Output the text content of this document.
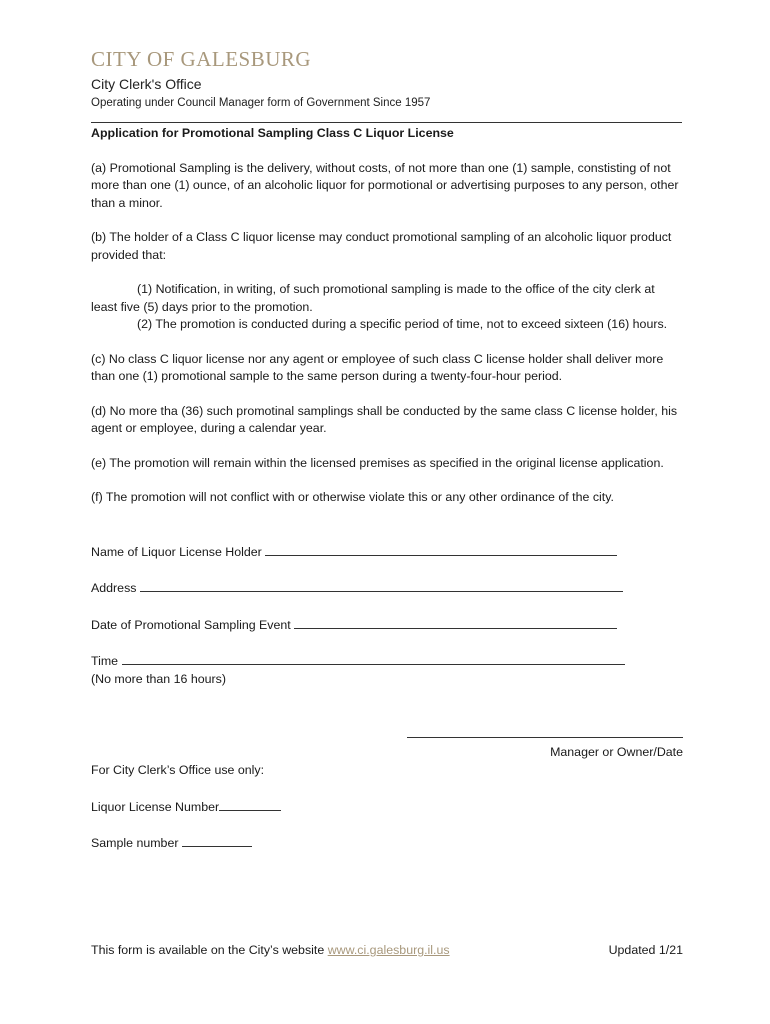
CITY OF GALESBURG
City Clerk's Office
Operating under Council Manager form of Government Since 1957
Application for Promotional Sampling Class C Liquor License

(a) Promotional Sampling is the delivery, without costs, of not more than one (1) sample, constisting of not more than one (1) ounce, of an alcoholic liquor for pormotional or advertising purposes to any person, other than a minor.

(b) The holder of a Class C liquor license may conduct promotional sampling of an alcoholic liquor product provided that:

(1) Notification, in writing, of such promotional sampling is made to the office of the city clerk at least five (5) days prior to the promotion.
(2) The promotion is conducted during a specific period of time, not to exceed sixteen (16) hours.

(c) No class C liquor license nor any agent or employee of such class C license holder shall deliver more than one (1) promotional sample to the same person during a twenty-four-hour period.

(d) No more tha (36) such promotinal samplings shall be conducted by the same class C license holder, his agent or employee, during a calendar year.

(e) The promotion will remain within the licensed premises as specified in the original license application.

(f) The promotion will not conflict with or otherwise violate this or any other ordinance of the city.

Name of Liquor License Holder
Address
Date of Promotional Sampling Event
Time
(No more than 16 hours)

Manager or Owner/Date

For City Clerk’s Office use only:

Liquor License Number
Sample number
This form is available on the City’s website www.ci.galesburg.il.us	Updated 1/21
